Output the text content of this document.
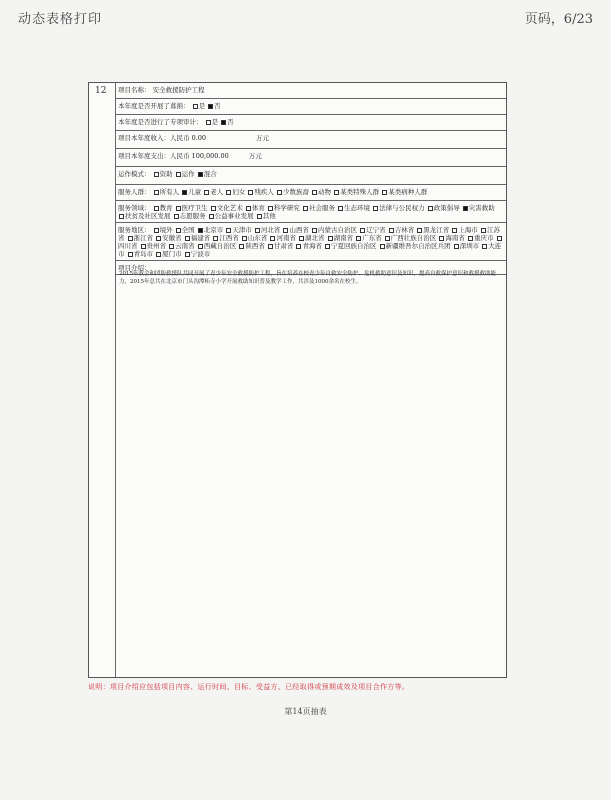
动态表格打印	页码，6/23
12	项目名称： 安全救援防护工程
本年度是否开展了募捐： 是 否
本年度是否进行了专项审计： 是 否
项目本年度收入：人民币 0.00	万元
项目本年度支出：人民币 100,000.00	万元
运作模式： 资助 运作 混合
服务人群： 所有人 儿童 老人 妇女 残疾人 少数族裔 动物 某类特殊人群 某类病种人群
服务领域： 教育 医疗卫生 文化艺术 体育 科学研究 社会服务 生态环境 法律与公民权力 政策倡导 灾害救助 扶贫及社区发展 志愿服务 公益事业发展 其他
服务地区： 境外 全国 北京市 天津市 河北省 山西省 内蒙古自治区 辽宁省 吉林省 黑龙江省 上海市 江苏省 浙江省 安徽省 福建省 江西省 山东省 河南省 湖北省 湖南省 广东省 广西壮族自治区 海南省 重庆市 四川省 贵州省 云南省 西藏自治区 陕西省 甘肃省 青海省 宁夏回族自治区 新疆维吾尔自治区兵团 深圳市 大连市 青岛市 厦门市 宁波市
项目介绍：
2015年我会和团防救援队共同开展了青少年安全救援防护工程，旨在培养在校青少年自救安全防护、危机救助意识及知识，提高自救保护意识和救援救助能力，2015年总共在北京市门头沟潭柘寺小学开展救助知识普及教学工作，共涉及1000余名在校生。
说明：项目介绍应包括项目内容、运行时间、目标、受益方、已经取得或预期成效及项目合作方等。
第14页抽表
